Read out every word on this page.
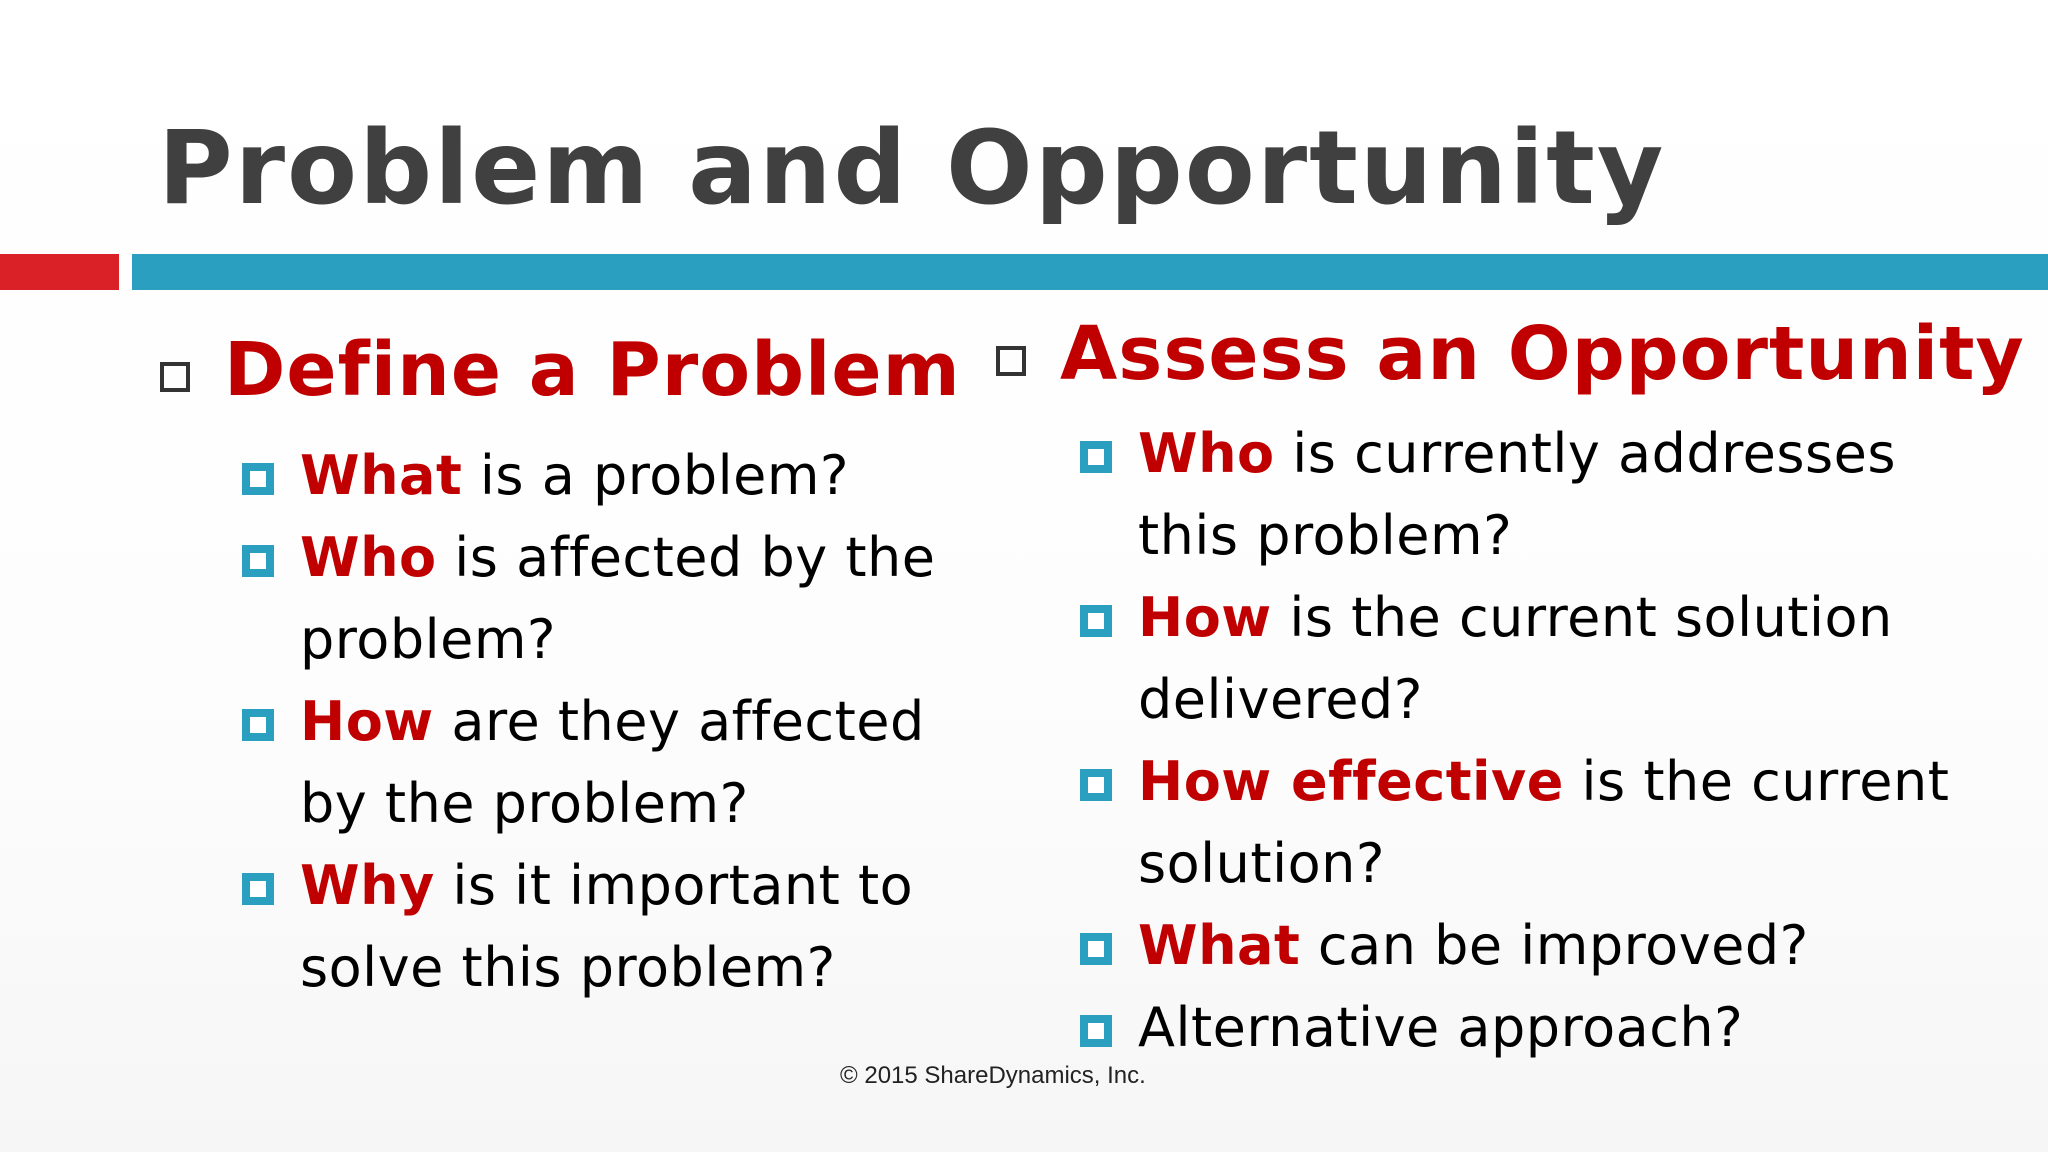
Problem and Opportunity
Define a Problem
What is a problem?
Who is affected by the problem?
How are they affected by the problem?
Why is it important to solve this problem?
Assess an Opportunity
Who is currently addresses this problem?
How is the current solution delivered?
How effective is the current solution?
What can be improved?
Alternative approach?
© 2015 ShareDynamics, Inc.
